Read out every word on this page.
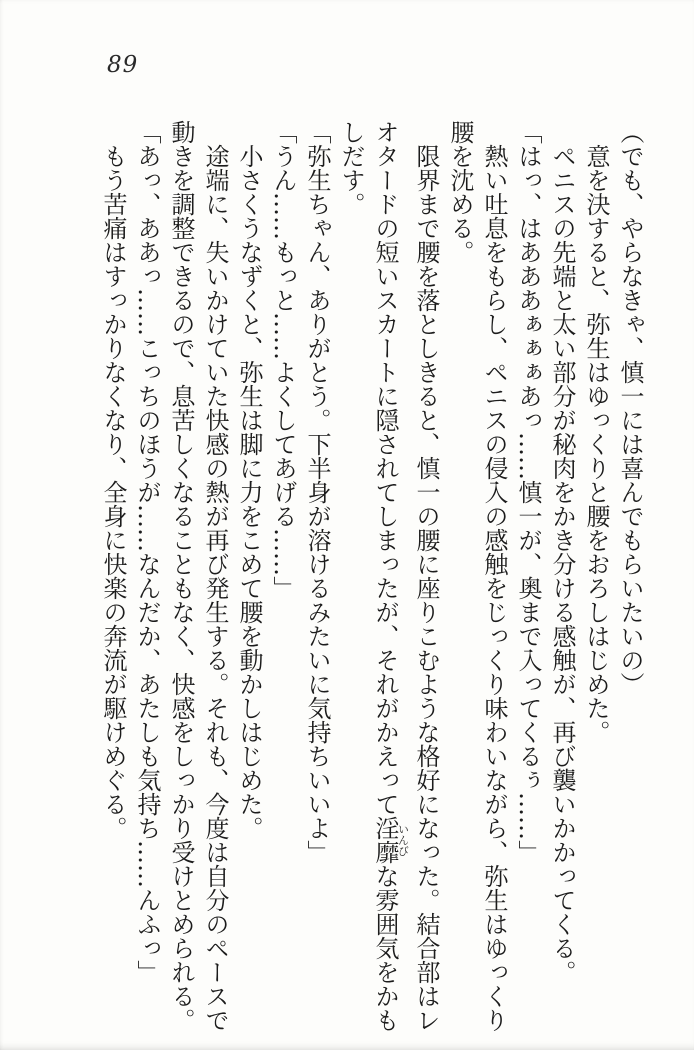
89
（でも、やらなきゃ、慎一には喜んでもらいたいの）
意を決すると、弥生はゆっくりと腰をおろしはじめた。
ペニスの先端と太い部分が秘肉をかき分ける感触が、再び襲いかかってくる。
「はっ、はあああぁぁぁあっ……慎一が、奥まで入ってくるぅ……」
熱い吐息をもらし、ペニスの侵入の感触をじっくり味わいながら、弥生はゆっくり
腰を沈める。
限界まで腰を落としきると、慎一の腰に座りこむような格好になった。結合部はレ
オタードの短いスカートに隠されてしまったが、それがかえって淫靡いんびな雰囲気をかも
しだす。
「弥生ちゃん、ありがとう。下半身が溶けるみたいに気持ちいいよ」
「うん……もっと……よくしてあげる……」
小さくうなずくと、弥生は脚に力をこめて腰を動かしはじめた。
途端に、失いかけていた快感の熱が再び発生する。それも、今度は自分のペースで
動きを調整できるので、息苦しくなることもなく、快感をしっかり受けとめられる。
「あっ、ああっ……こっちのほうが……なんだか、あたしも気持ち……んふっ」
もう苦痛はすっかりなくなり、全身に快楽の奔流が駆けめぐる。
